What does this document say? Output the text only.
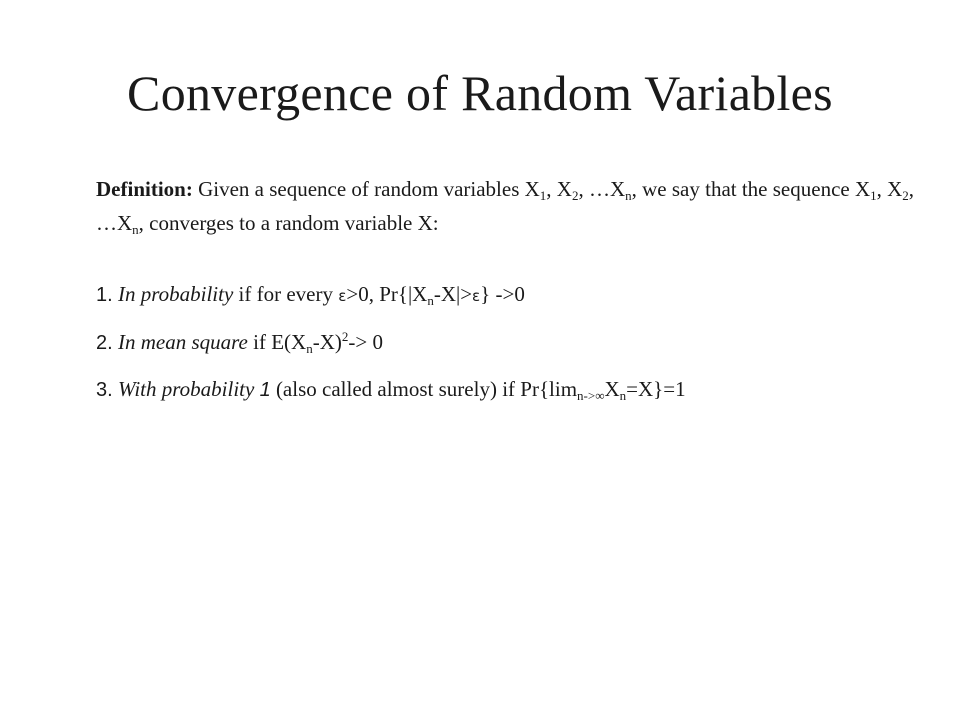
Convergence of Random Variables

Definition: Given a sequence of random variables $X_1$, $X_2$, $\dots X_n$, we say that the sequence $X_1$, $X_2$, $\dots X_n$, converges to a random variable X:

1. In probability if for every ε>0, $Pr\{|X_n-X|>\varepsilon\}$ ->0
2. In mean square if $E(X_n-X)^2-> 0$
3. With probability 1 (also called almost surely) if $Pr\{\lim_{n->\infty}X_n=X\}=1$
